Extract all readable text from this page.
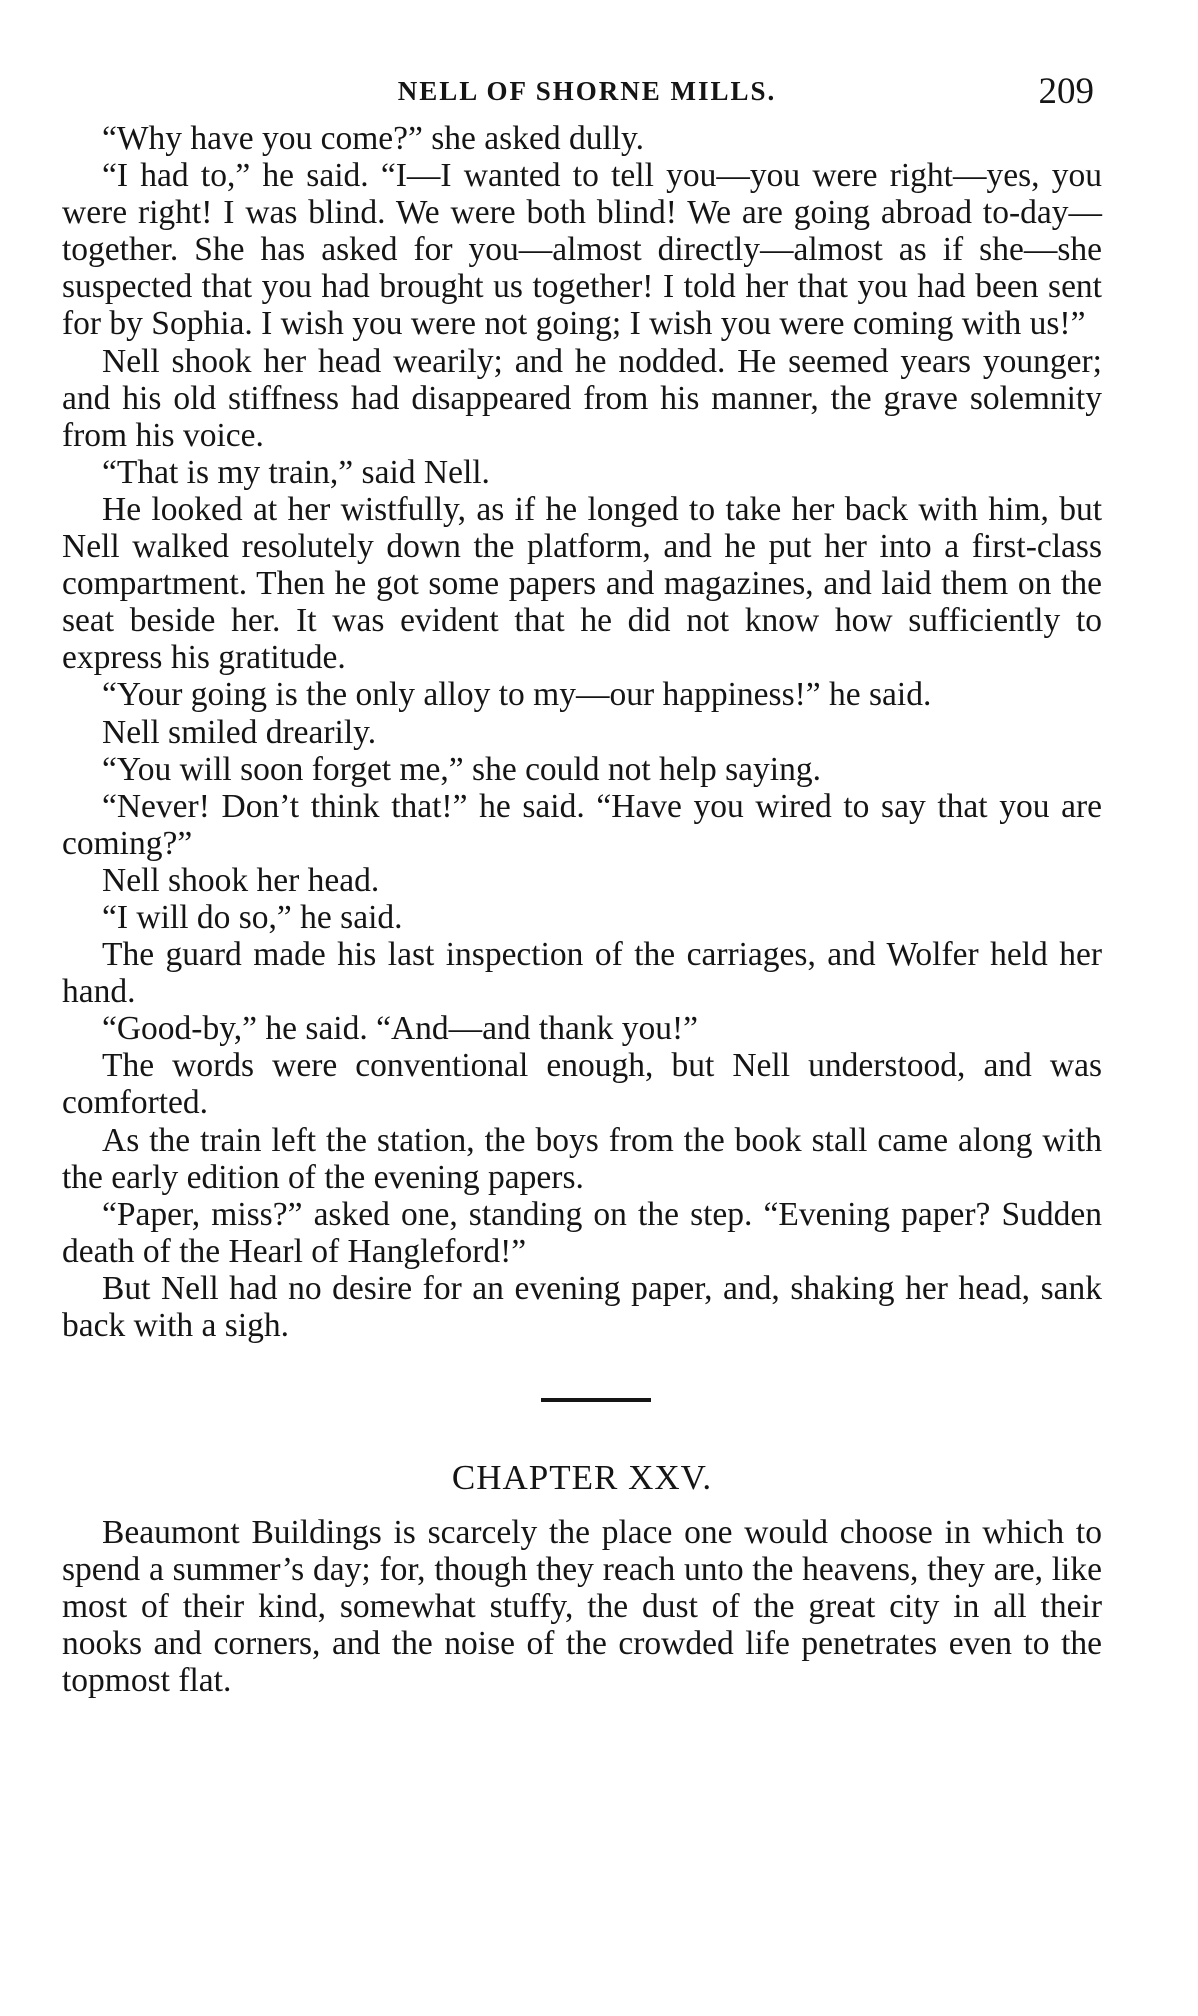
NELL OF SHORNE MILLS.	209

“Why have you come?” she asked dully.

“I had to,” he said. “I—I wanted to tell you—you were right—yes, you were right! I was blind. We were both blind! We are going abroad to-day—together. She has asked for you—almost directly—almost as if she—she suspected that you had brought us together! I told her that you had been sent for by Sophia. I wish you were not going; I wish you were coming with us!”

Nell shook her head wearily; and he nodded. He seemed years younger; and his old stiffness had disappeared from his manner, the grave solemnity from his voice.

“That is my train,” said Nell.

He looked at her wistfully, as if he longed to take her back with him, but Nell walked resolutely down the platform, and he put her into a first-class compartment. Then he got some papers and magazines, and laid them on the seat beside her. It was evident that he did not know how sufficiently to express his gratitude.

“Your going is the only alloy to my—our happiness!” he said.

Nell smiled drearily.

“You will soon forget me,” she could not help saying.

“Never! Don’t think that!” he said. “Have you wired to say that you are coming?”

Nell shook her head.

“I will do so,” he said.

The guard made his last inspection of the carriages, and Wolfer held her hand.

“Good-by,” he said. “And—and thank you!”

The words were conventional enough, but Nell understood, and was comforted.

As the train left the station, the boys from the book stall came along with the early edition of the evening papers.

“Paper, miss?” asked one, standing on the step. “Evening paper? Sudden death of the Hearl of Hangleford!”

But Nell had no desire for an evening paper, and, shaking her head, sank back with a sigh.

CHAPTER XXV.

Beaumont Buildings is scarcely the place one would choose in which to spend a summer’s day; for, though they reach unto the heavens, they are, like most of their kind, somewhat stuffy, the dust of the great city in all their nooks and corners, and the noise of the crowded life penetrates even to the topmost flat.
